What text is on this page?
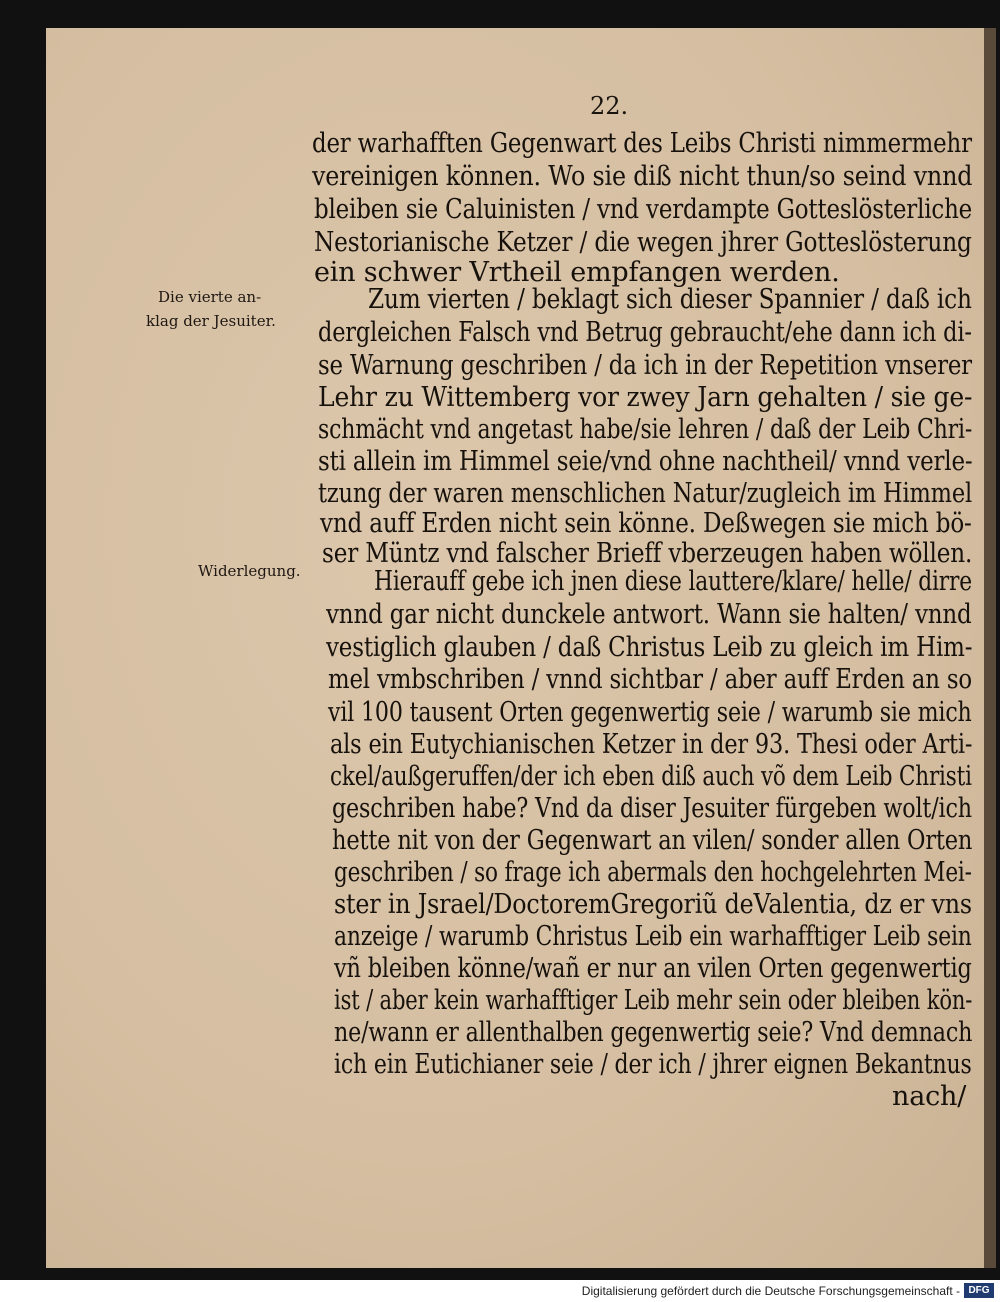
22.
Die vierte an-
klag der Jesuiter.
Widerlegung.
der warhafften Gegenwart des Leibs Christi nimmermehr
vereinigen können. Wo sie diß nicht thun/so seind vnnd
bleiben sie Caluinisten / vnd verdampte Gotteslösterliche
Nestorianische Ketzer / die wegen jhrer Gotteslösterung
ein schwer Vrtheil empfangen werden.
Zum vierten / beklagt sich dieser Spannier / daß ich
dergleichen Falsch vnd Betrug gebraucht/ehe dann ich di-
se Warnung geschriben / da ich in der Repetition vnserer
Lehr zu Wittemberg vor zwey Jarn gehalten / sie ge-
schmächt vnd angetast habe/sie lehren / daß der Leib Chri-
sti allein im Himmel seie/vnd ohne nachtheil/ vnnd verle-
tzung der waren menschlichen Natur/zugleich im Himmel
vnd auff Erden nicht sein könne. Deßwegen sie mich bö-
ser Müntz vnd falscher Brieff vberzeugen haben wöllen.
Hierauff gebe ich jnen diese lauttere/klare/ helle/ dirre
vnnd gar nicht dunckele antwort. Wann sie halten/ vnnd
vestiglich glauben / daß Christus Leib zu gleich im Him-
mel vmbschriben / vnnd sichtbar / aber auff Erden an so
vil 100 tausent Orten gegenwertig seie / warumb sie mich
als ein Eutychianischen Ketzer in der 93. Thesi oder Arti-
ckel/außgeruffen/der ich eben diß auch võ dem Leib Christi
geschriben habe? Vnd da diser Jesuiter fürgeben wolt/ich
hette nit von der Gegenwart an vilen/ sonder allen Orten
geschriben / so frage ich abermals den hochgelehrten Mei-
ster in Jsrael/DoctoremGregoriũ deValentia, dz er vns
anzeige / warumb Christus Leib ein warhafftiger Leib sein
vñ bleiben könne/wañ er nur an vilen Orten gegenwertig
ist / aber kein warhafftiger Leib mehr sein oder bleiben kön-
ne/wann er allenthalben gegenwertig seie? Vnd demnach
ich ein Eutichianer seie / der ich / jhrer eignen Bekantnus
nach/
Digitalisierung gefördert durch die Deutsche Forschungsgemeinschaft - DFG
